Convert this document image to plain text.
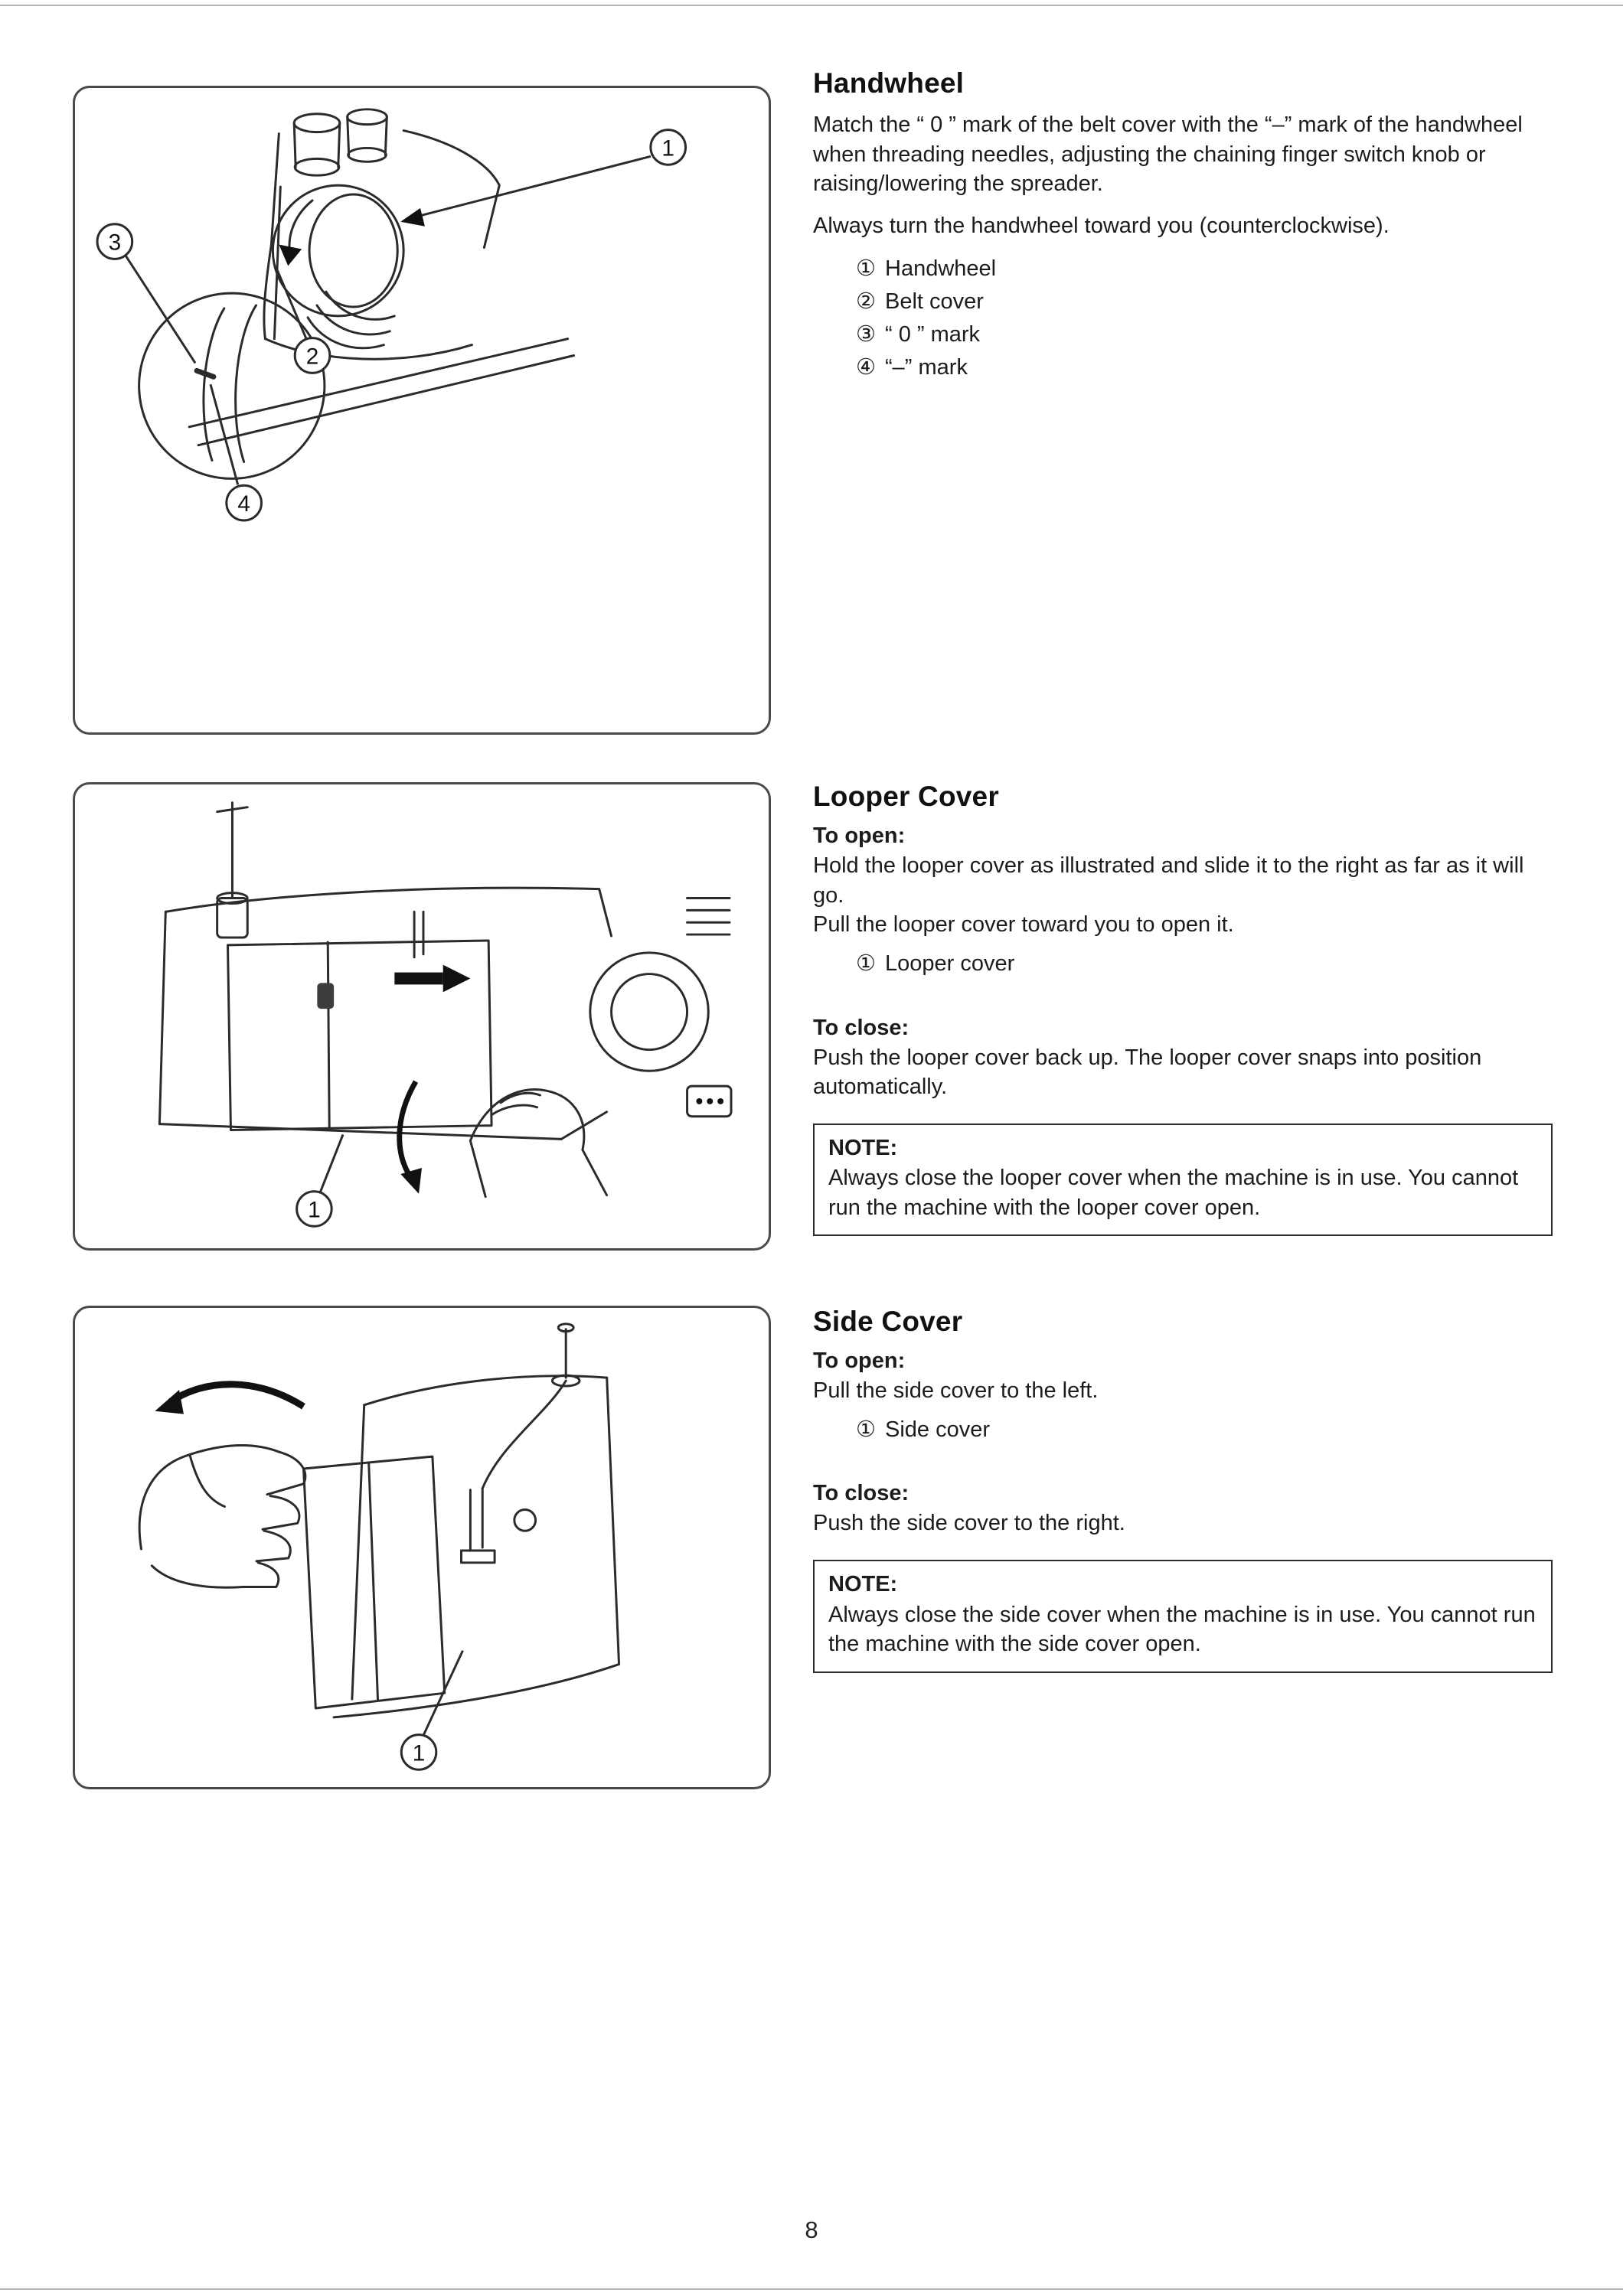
1
2
3
4
1
1
Handwheel

Match the “ 0 ” mark of the belt cover with the “–” mark of the handwheel when threading needles, adjusting the chaining finger switch knob or raising/lowering the spreader.

Always turn the handwheel toward you (counterclockwise).

① Handwheel
② Belt cover
③ “ 0 ” mark
④ “–” mark
Looper Cover
To open:

Hold the looper cover as illustrated and slide it to the right as far as it will go.

Pull the looper cover toward you to open it.

① Looper cover
To close:

Push the looper cover back up. The looper cover snaps into position automatically.

NOTE:
Always close the looper cover when the machine is in use. You cannot run the machine with the looper cover open.
Side Cover
To open:

Pull the side cover to the left.

① Side cover
To close:

Push the side cover to the right.

NOTE:
Always close the side cover when the machine is in use. You cannot run the machine with the side cover open.
8
